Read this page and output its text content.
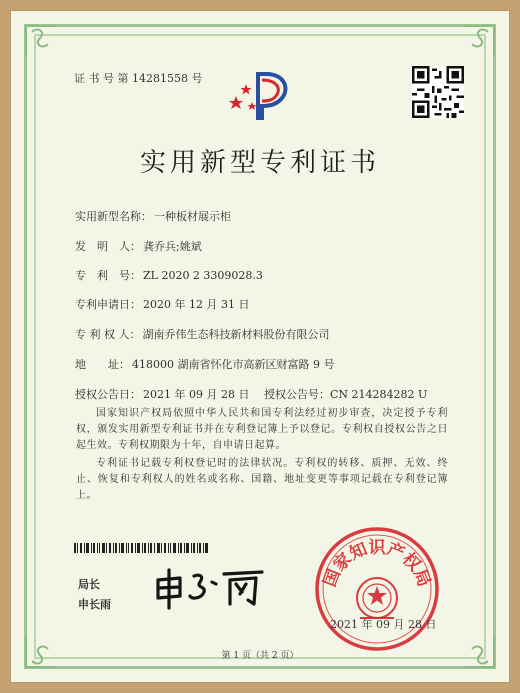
证 书 号 第 14281558 号
实用新型专利证书
实用新型名称： 一种板材展示柜
发　明　人： 龚乔兵;姚斌
专　利　号： ZL 2020 2 3309028.3
专利申请日： 2020 年 12 月 31 日
专 利 权 人： 湖南乔伟生态科技新材料股份有限公司
地　　址： 418000 湖南省怀化市高新区财富路 9 号
授权公告日： 2021 年 09 月 28 日 授权公告号：CN 214284282 U
国家知识产权局依照中华人民共和国专利法经过初步审查，决定授予专利权，颁发实用新型专利证书并在专利登记簿上予以登记。专利权自授权公告之日起生效。专利权期限为十年，自申请日起算。
专利证书记载专利权登记时的法律状况。专利权的转移、质押、无效、终止、恢复和专利权人的姓名或名称、国籍、地址变更等事项记载在专利登记簿上。
局长
申长雨
国家知识产权局
2021 年 09 月 28 日
第 1 页（共 2 页）
